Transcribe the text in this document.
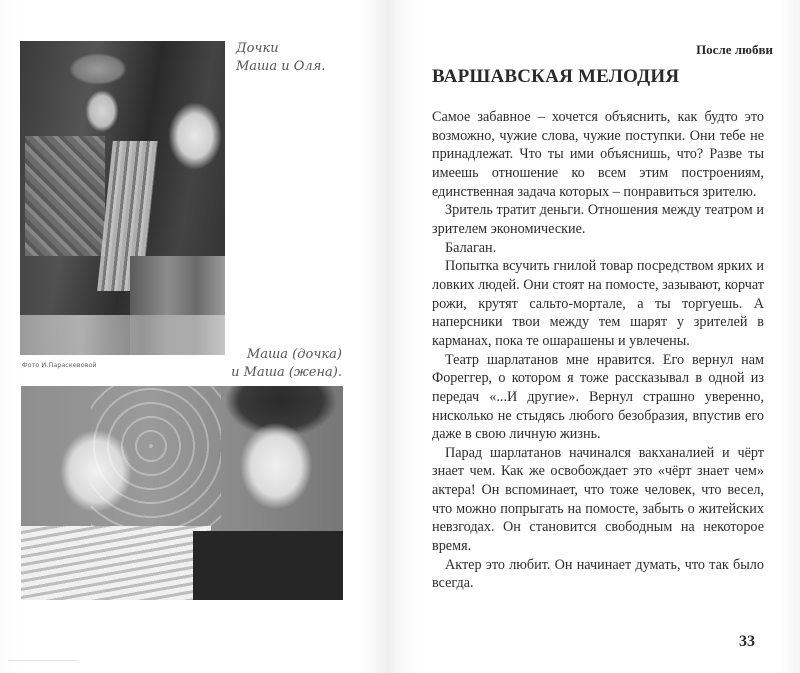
Дочки
Маша и Оля.
Фото И.Параскевовой
Маша (дочка)
и Маша (жена).
После любви
ВАРШАВСКАЯ МЕЛОДИЯ

Самое забавное – хочется объяснить, как будто это возможно, чужие слова, чужие поступки. Они тебе не принадлежат. Что ты ими объяснишь, что? Разве ты имеешь отношение ко всем этим построениям, единственная задача которых – понравиться зрителю.

Зритель тратит деньги. Отношения между театром и зрителем экономические.

Балаган.

Попытка всучить гнилой товар посредством ярких и ловких людей. Они стоят на помосте, зазывают, корчат рожи, крутят сальто-мортале, а ты торгуешь. А наперсники твои между тем шарят у зрителей в карманах, пока те ошарашены и увлечены.

Театр шарлатанов мне нравится. Его вернул нам Фореггер, о котором я тоже рассказывал в одной из передач «...И другие». Вернул страшно уверенно, нисколько не стыдясь любого безобразия, впустив его даже в свою личную жизнь.

Парад шарлатанов начинался вакханалией и чёрт знает чем. Как же освобождает это «чёрт знает чем» актера! Он вспоминает, что тоже человек, что весел, что можно попрыгать на помосте, забыть о житейских невзгодах. Он становится свободным на некоторое время.

Актер это любит. Он начинает думать, что так было всегда.

33
